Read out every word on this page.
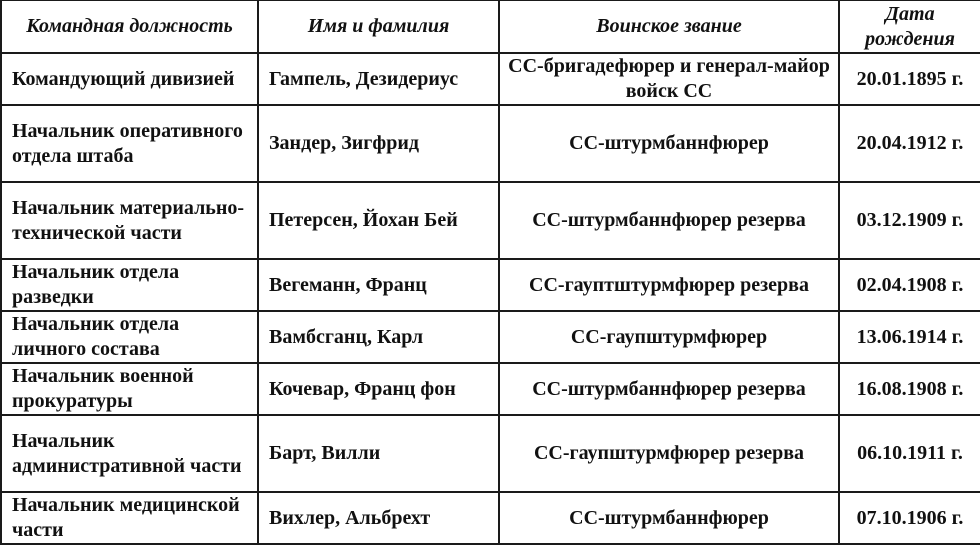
Командная должность	Имя и фамилия	Воинское звание	Дата рождения
Командующий дивизией	Гампель, Дезидериус	СС-бригадефюрер и генерал-майор войск СС	20.01.1895 г.
Начальник оперативного отдела штаба	Зандер, Зигфрид	СС-штурмбаннфюрер	20.04.1912 г.
Начальник материально-технической части	Петерсен, Йохан Бей	СС-штурмбаннфюрер резерва	03.12.1909 г.
Начальник отдела разведки	Вегеманн, Франц	СС-гауптштурмфюрер резерва	02.04.1908 г.
Начальник отдела личного состава	Вамбсганц, Карл	СС-гаупштурмфюрер	13.06.1914 г.
Начальник военной прокуратуры	Кочевар, Франц фон	СС-штурмбаннфюрер резерва	16.08.1908 г.
Начальник административной части	Барт, Вилли	СС-гаупштурмфюрер резерва	06.10.1911 г.
Начальник медицинской части	Вихлер, Альбрехт	СС-штурмбаннфюрер	07.10.1906 г.
